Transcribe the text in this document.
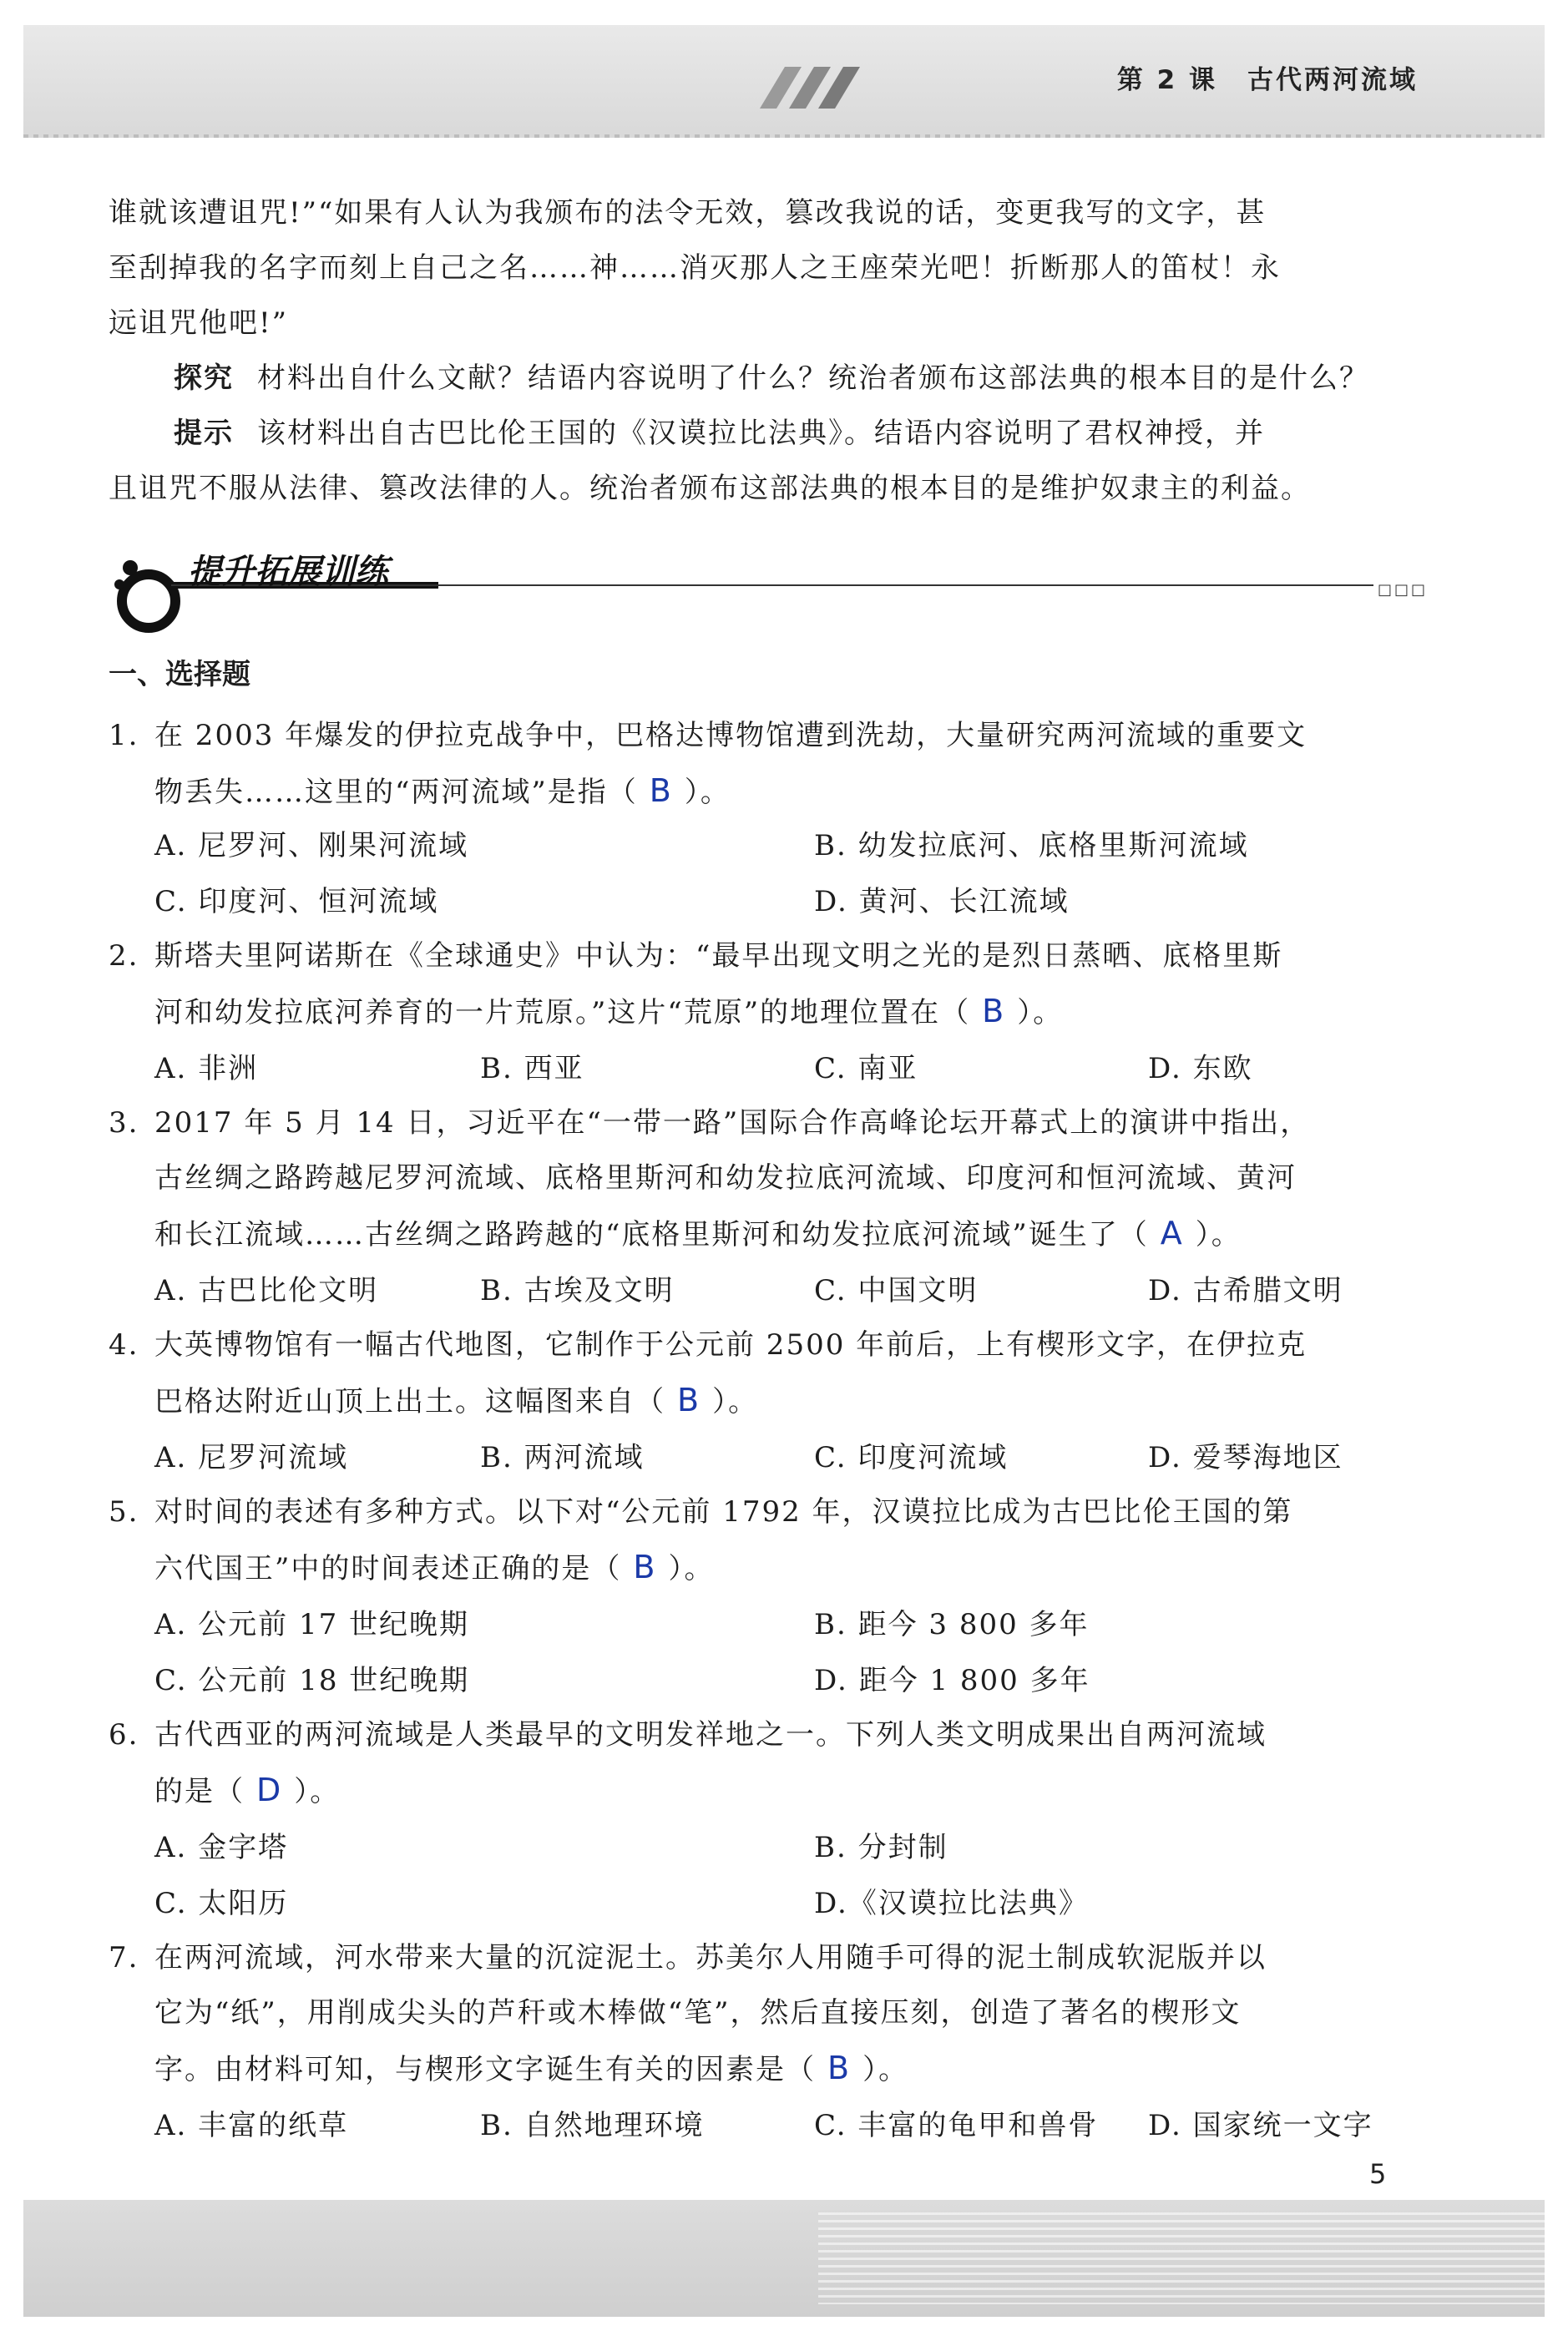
第 2 课 古代两河流域
谁就该遭诅咒!”“如果有人认为我颁布的法令无效，篡改我说的话，变更我写的文字，甚
至刮掉我的名字而刻上自己之名……神……消灭那人之王座荣光吧！折断那人的笛杖！永
远诅咒他吧!”
探究 材料出自什么文献？结语内容说明了什么？统治者颁布这部法典的根本目的是什么？
提示 该材料出自古巴比伦王国的《汉谟拉比法典》。结语内容说明了君权神授，并
且诅咒不服从法律、篡改法律的人。统治者颁布这部法典的根本目的是维护奴隶主的利益。
提升拓展训练	□□□
一、选择题
1. 在 2003 年爆发的伊拉克战争中，巴格达博物馆遭到洗劫，大量研究两河流域的重要文
物丢失……这里的“两河流域”是指（ B ）。
A. 尼罗河、刚果河流域	B. 幼发拉底河、底格里斯河流域
C. 印度河、恒河流域	D. 黄河、长江流域
2. 斯塔夫里阿诺斯在《全球通史》中认为：“最早出现文明之光的是烈日蒸晒、底格里斯
河和幼发拉底河养育的一片荒原。”这片“荒原”的地理位置在（ B ）。
A. 非洲	B. 西亚	C. 南亚	D. 东欧
3. 2017 年 5 月 14 日，习近平在“一带一路”国际合作高峰论坛开幕式上的演讲中指出，
古丝绸之路跨越尼罗河流域、底格里斯河和幼发拉底河流域、印度河和恒河流域、黄河
和长江流域……古丝绸之路跨越的“底格里斯河和幼发拉底河流域”诞生了（ A ）。
A. 古巴比伦文明	B. 古埃及文明	C. 中国文明	D. 古希腊文明
4. 大英博物馆有一幅古代地图，它制作于公元前 2500 年前后，上有楔形文字，在伊拉克
巴格达附近山顶上出土。这幅图来自（ B ）。
A. 尼罗河流域	B. 两河流域	C. 印度河流域	D. 爱琴海地区
5. 对时间的表述有多种方式。以下对“公元前 1792 年，汉谟拉比成为古巴比伦王国的第
六代国王”中的时间表述正确的是（ B ）。
A. 公元前 17 世纪晚期	B. 距今 3 800 多年
C. 公元前 18 世纪晚期	D. 距今 1 800 多年
6. 古代西亚的两河流域是人类最早的文明发祥地之一。下列人类文明成果出自两河流域
的是（ D ）。
A. 金字塔	B. 分封制
C. 太阳历	D.《汉谟拉比法典》
7. 在两河流域，河水带来大量的沉淀泥土。苏美尔人用随手可得的泥土制成软泥版并以
它为“纸”，用削成尖头的芦秆或木棒做“笔”，然后直接压刻，创造了著名的楔形文
字。由材料可知，与楔形文字诞生有关的因素是（ B ）。
A. 丰富的纸草	B. 自然地理环境	C. 丰富的龟甲和兽骨 D. 国家统一文字
5
